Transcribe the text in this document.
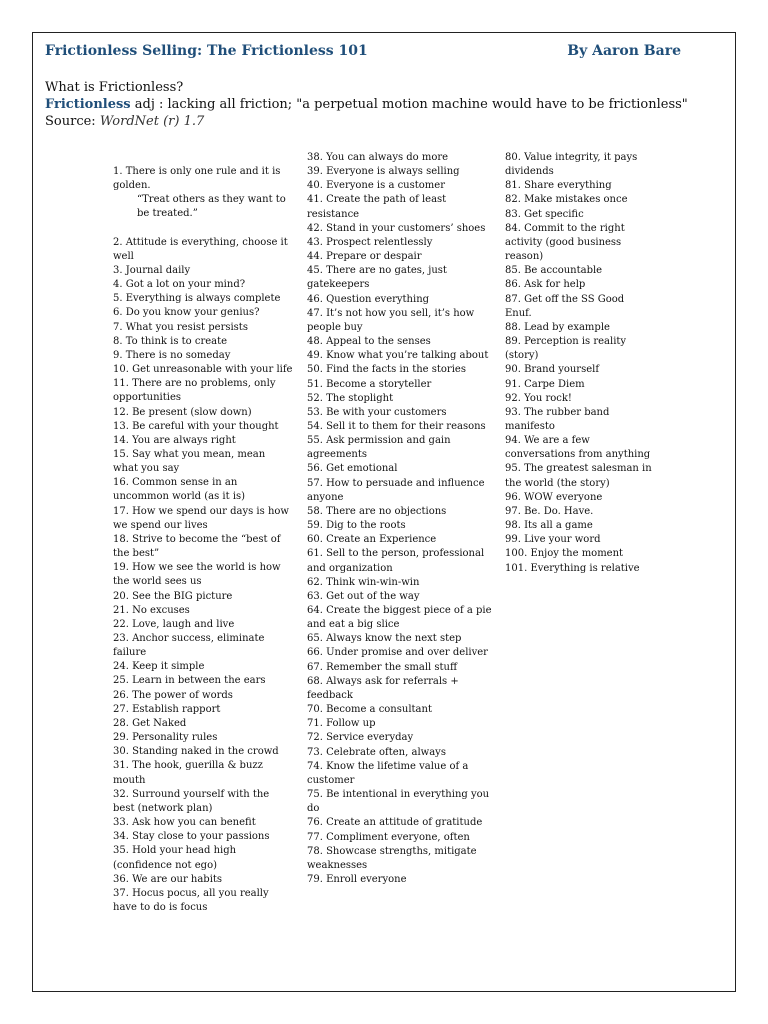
Frictionless Selling: The Frictionless 101	By Aaron Bare
What is Frictionless?
Frictionless adj : lacking all friction; "a perpetual motion machine would have to be frictionless"
Source: WordNet (r) 1.7

1. There is only one rule and it is golden.

“Treat others as they want to be treated.”

2. Attitude is everything, choose it well

3. Journal daily

4. Got a lot on your mind?

5. Everything is always complete

6. Do you know your genius?

7. What you resist persists

8. To think is to create

9. There is no someday

10. Get unreasonable with your life

11. There are no problems, only opportunities

12. Be present (slow down)

13. Be careful with your thought

14. You are always right

15. Say what you mean, mean what you say

16. Common sense in an uncommon world (as it is)

17. How we spend our days is how we spend our lives

18. Strive to become the “best of the best”

19. How we see the world is how the world sees us

20. See the BIG picture

21. No excuses

22. Love, laugh and live

23. Anchor success, eliminate failure

24. Keep it simple

25. Learn in between the ears

26. The power of words

27. Establish rapport

28. Get Naked

29. Personality rules

30. Standing naked in the crowd

31. The hook, guerilla & buzz mouth

32. Surround yourself with the best (network plan)

33. Ask how you can benefit

34. Stay close to your passions

35. Hold your head high (confidence not ego)

36. We are our habits

37. Hocus pocus, all you really have to do is focus

38. You can always do more

39. Everyone is always selling

40. Everyone is a customer

41. Create the path of least resistance

42. Stand in your customers’ shoes

43. Prospect relentlessly

44. Prepare or despair

45. There are no gates, just gatekeepers

46. Question everything

47. It’s not how you sell, it’s how people buy

48. Appeal to the senses

49. Know what you’re talking about

50. Find the facts in the stories

51. Become a storyteller

52. The stoplight

53. Be with your customers

54. Sell it to them for their reasons

55. Ask permission and gain agreements

56. Get emotional

57. How to persuade and influence anyone

58. There are no objections

59. Dig to the roots

60. Create an Experience

61. Sell to the person, professional and organization

62. Think win-win-win

63. Get out of the way

64. Create the biggest piece of a pie and eat a big slice

65. Always know the next step

66. Under promise and over deliver

67. Remember the small stuff

68. Always ask for referrals + feedback

70. Become a consultant

71. Follow up

72. Service everyday

73. Celebrate often, always

74. Know the lifetime value of a customer

75. Be intentional in everything you do

76. Create an attitude of gratitude

77. Compliment everyone, often

78. Showcase strengths, mitigate weaknesses

79. Enroll everyone

80. Value integrity, it pays dividends

81. Share everything

82. Make mistakes once

83. Get specific

84. Commit to the right activity (good business reason)

85. Be accountable

86. Ask for help

87. Get off the SS Good Enuf.

88. Lead by example

89. Perception is reality (story)

90. Brand yourself

91. Carpe Diem

92. You rock!

93. The rubber band manifesto

94. We are a few conversations from anything

95. The greatest salesman in the world (the story)

96. WOW everyone

97. Be. Do. Have.

98. Its all a game

99. Live your word

100. Enjoy the moment

101. Everything is relative
